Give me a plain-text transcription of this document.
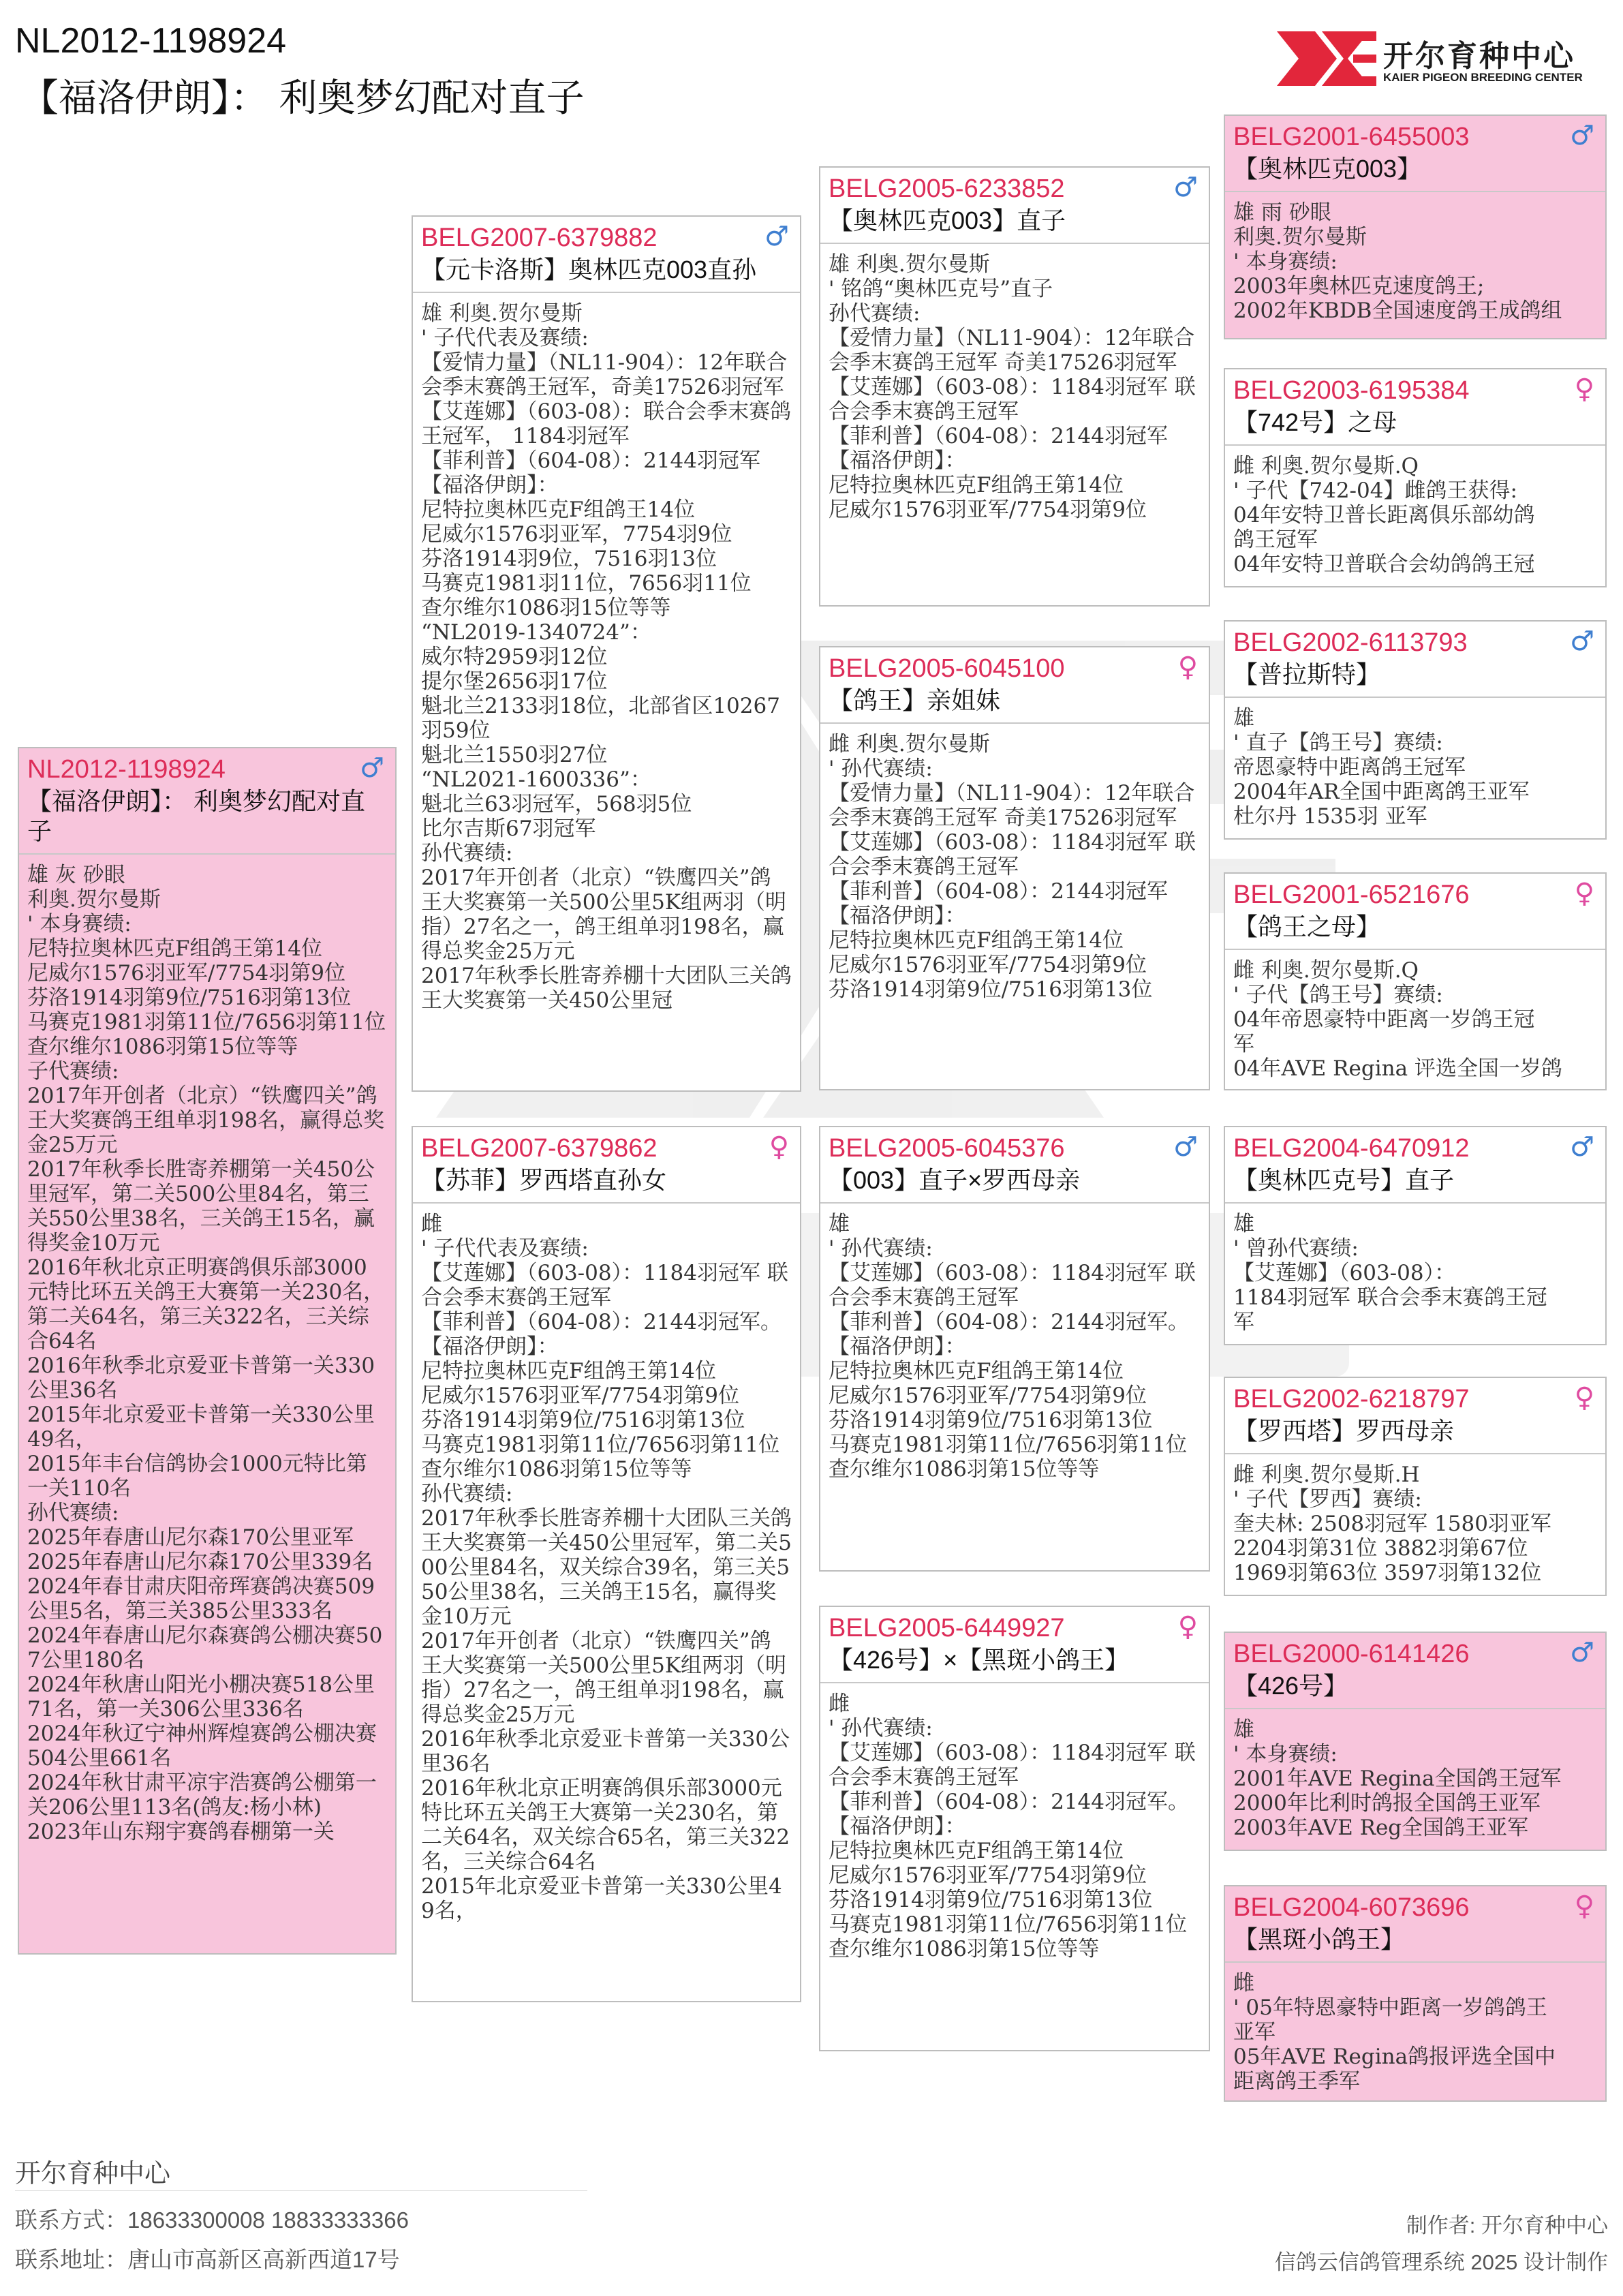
NL2012-1198924
【福洛伊朗】： 利奥梦幻配对直子
开尔育种中心
KAIER PIGEON BREEDING CENTER
NL2012-1198924	♂
【福洛伊朗】： 利奥梦幻配对直子
雄 灰 砂眼
利奥.贺尔曼斯
' 本身赛绩:
尼特拉奥林匹克F组鸽王第14位
尼威尔1576羽亚军/7754羽第9位
芬洛1914羽第9位/7516羽第13位
马赛克1981羽第11位/7656羽第11位
查尔维尔1086羽第15位等等
子代赛绩:
2017年开创者（北京）“铁鹰四关”鸽王大奖赛鸽王组单羽198名，赢得总奖金25万元
2017年秋季长胜寄养棚第一关450公里冠军，第二关500公里84名，第三关550公里38名，三关鸽王15名，赢得奖金10万元
2016年秋北京正明赛鸽俱乐部3000元特比环五关鸽王大赛第一关230名，第二关64名，第三关322名，三关综合64名
2016年秋季北京爱亚卡普第一关330公里36名
2015年北京爱亚卡普第一关330公里49名，
2015年丰台信鸽协会1000元特比第一关110名
孙代赛绩:
2025年春唐山尼尔森170公里亚军
2025年春唐山尼尔森170公里339名
2024年春甘肃庆阳帝珲赛鸽决赛509公里5名，第三关385公里333名
2024年春唐山尼尔森赛鸽公棚决赛507公里180名
2024年秋唐山阳光小棚决赛518公里71名，第一关306公里336名
2024年秋辽宁神州辉煌赛鸽公棚决赛504公里661名
2024年秋甘肃平凉宇浩赛鸽公棚第一关206公里113名(鸽友:杨小林)
2023年山东翔宇赛鸽春棚第一关
BELG2007-6379882	♂
【元卡洛斯】奥林匹克003直孙
雄 利奥.贺尔曼斯
' 子代代表及赛绩:
【爱情力量】（NL11-904）：12年联合会季末赛鸽王冠军，奇美17526羽冠军
【艾莲娜】（603-08）：联合会季末赛鸽王冠军， 1184羽冠军
【菲利普】（604-08）：2144羽冠军
【福洛伊朗】：
尼特拉奥林匹克F组鸽王14位
尼威尔1576羽亚军，7754羽9位
芬洛1914羽9位，7516羽13位
马赛克1981羽11位，7656羽11位
查尔维尔1086羽15位等等
“NL2019-1340724”：
威尔特2959羽12位
提尔堡2656羽17位
魁北兰2133羽18位，北部省区10267羽59位
魁北兰1550羽27位
“NL2021-1600336”：
魁北兰63羽冠军，568羽5位
比尔吉斯67羽冠军
孙代赛绩:
2017年开创者（北京）“铁鹰四关”鸽王大奖赛第一关500公里5K组两羽（明指）27名之一，鸽王组单羽198名，赢得总奖金25万元
2017年秋季长胜寄养棚十大团队三关鸽王大奖赛第一关450公里冠
BELG2007-6379862	♀
【苏菲】罗西塔直孙女
雌
' 子代代表及赛绩:
【艾莲娜】（603-08）：1184羽冠军 联合会季末赛鸽王冠军
【菲利普】（604-08）：2144羽冠军。
【福洛伊朗】：
尼特拉奥林匹克F组鸽王第14位
尼威尔1576羽亚军/7754羽第9位
芬洛1914羽第9位/7516羽第13位
马赛克1981羽第11位/7656羽第11位
查尔维尔1086羽第15位等等
孙代赛绩:
2017年秋季长胜寄养棚十大团队三关鸽王大奖赛第一关450公里冠军，第二关500公里84名，双关综合39名，第三关550公里38名，三关鸽王15名，赢得奖金10万元
2017年开创者（北京）“铁鹰四关”鸽王大奖赛第一关500公里5K组两羽（明指）27名之一，鸽王组单羽198名，赢得总奖金25万元
2016年秋季北京爱亚卡普第一关330公里36名
2016年秋北京正明赛鸽俱乐部3000元特比环五关鸽王大赛第一关230名，第二关64名，双关综合65名，第三关322名，三关综合64名
2015年北京爱亚卡普第一关330公里49名，
BELG2005-6233852	♂
【奥林匹克003】直子
雄 利奥.贺尔曼斯
' 铭鸽“奥林匹克号”直子
孙代赛绩:
【爱情力量】（NL11-904）：12年联合会季末赛鸽王冠军 奇美17526羽冠军
【艾莲娜】（603-08）：1184羽冠军 联合会季末赛鸽王冠军
【菲利普】（604-08）：2144羽冠军
【福洛伊朗】：
尼特拉奥林匹克F组鸽王第14位
尼威尔1576羽亚军/7754羽第9位
BELG2005-6045100	♀
【鸽王】亲姐妹
雌 利奥.贺尔曼斯
' 孙代赛绩:
【爱情力量】（NL11-904）：12年联合会季末赛鸽王冠军 奇美17526羽冠军
【艾莲娜】（603-08）：1184羽冠军 联合会季末赛鸽王冠军
【菲利普】（604-08）：2144羽冠军
【福洛伊朗】：
尼特拉奥林匹克F组鸽王第14位
尼威尔1576羽亚军/7754羽第9位
芬洛1914羽第9位/7516羽第13位
BELG2005-6045376	♂
【003】直子×罗西母亲
雄
' 孙代赛绩:
【艾莲娜】（603-08）：1184羽冠军 联合会季末赛鸽王冠军
【菲利普】（604-08）：2144羽冠军。
【福洛伊朗】：
尼特拉奥林匹克F组鸽王第14位
尼威尔1576羽亚军/7754羽第9位
芬洛1914羽第9位/7516羽第13位
马赛克1981羽第11位/7656羽第11位
查尔维尔1086羽第15位等等
BELG2005-6449927	♀
【426号】×【黑斑小鸽王】
雌
' 孙代赛绩:
【艾莲娜】（603-08）：1184羽冠军 联合会季末赛鸽王冠军
【菲利普】（604-08）：2144羽冠军。
【福洛伊朗】：
尼特拉奥林匹克F组鸽王第14位
尼威尔1576羽亚军/7754羽第9位
芬洛1914羽第9位/7516羽第13位
马赛克1981羽第11位/7656羽第11位
查尔维尔1086羽第15位等等
BELG2001-6455003	♂
【奥林匹克003】
雄 雨 砂眼
利奥.贺尔曼斯
' 本身赛绩:
2003年奥林匹克速度鸽王;
2002年KBDB全国速度鸽王成鸽组
BELG2003-6195384	♀
【742号】之母
雌 利奥.贺尔曼斯.Q
' 子代【742-04】雌鸽王获得:
04年安特卫普长距离俱乐部幼鸽
鸽王冠军
04年安特卫普联合会幼鸽鸽王冠
BELG2002-6113793	♂
【普拉斯特】
雄
' 直子【鸽王号】赛绩:
帝恩豪特中距离鸽王冠军
2004年AR全国中距离鸽王亚军
杜尔丹 1535羽 亚军
BELG2001-6521676	♀
【鸽王之母】
雌 利奥.贺尔曼斯.Q
' 子代【鸽王号】赛绩:
04年帝恩豪特中距离一岁鸽王冠
军
04年AVE Regina 评选全国一岁鸽
BELG2004-6470912	♂
【奥林匹克号】直子
雄
' 曾孙代赛绩:
【艾莲娜】（603-08）：
1184羽冠军 联合会季末赛鸽王冠
军
BELG2002-6218797	♀
【罗西塔】罗西母亲
雌 利奥.贺尔曼斯.H
' 子代【罗西】赛绩:
奎夫林: 2508羽冠军 1580羽亚军
2204羽第31位 3882羽第67位
1969羽第63位 3597羽第132位
BELG2000-6141426	♂
【426号】
雄
' 本身赛绩:
2001年AVE Regina全国鸽王冠军
2000年比利时鸽报全国鸽王亚军
2003年AVE Reg全国鸽王亚军
BELG2004-6073696	♀
【黑斑小鸽王】
雌
' 05年特恩豪特中距离一岁鸽鸽王
亚军
05年AVE Regina鸽报评选全国中
距离鸽王季军
开尔育种中心
联系方式：18633300008 18833333366
联系地址：唐山市高新区高新西道17号
制作者: 开尔育种中心
信鸽云信鸽管理系统 2025 设计制作
